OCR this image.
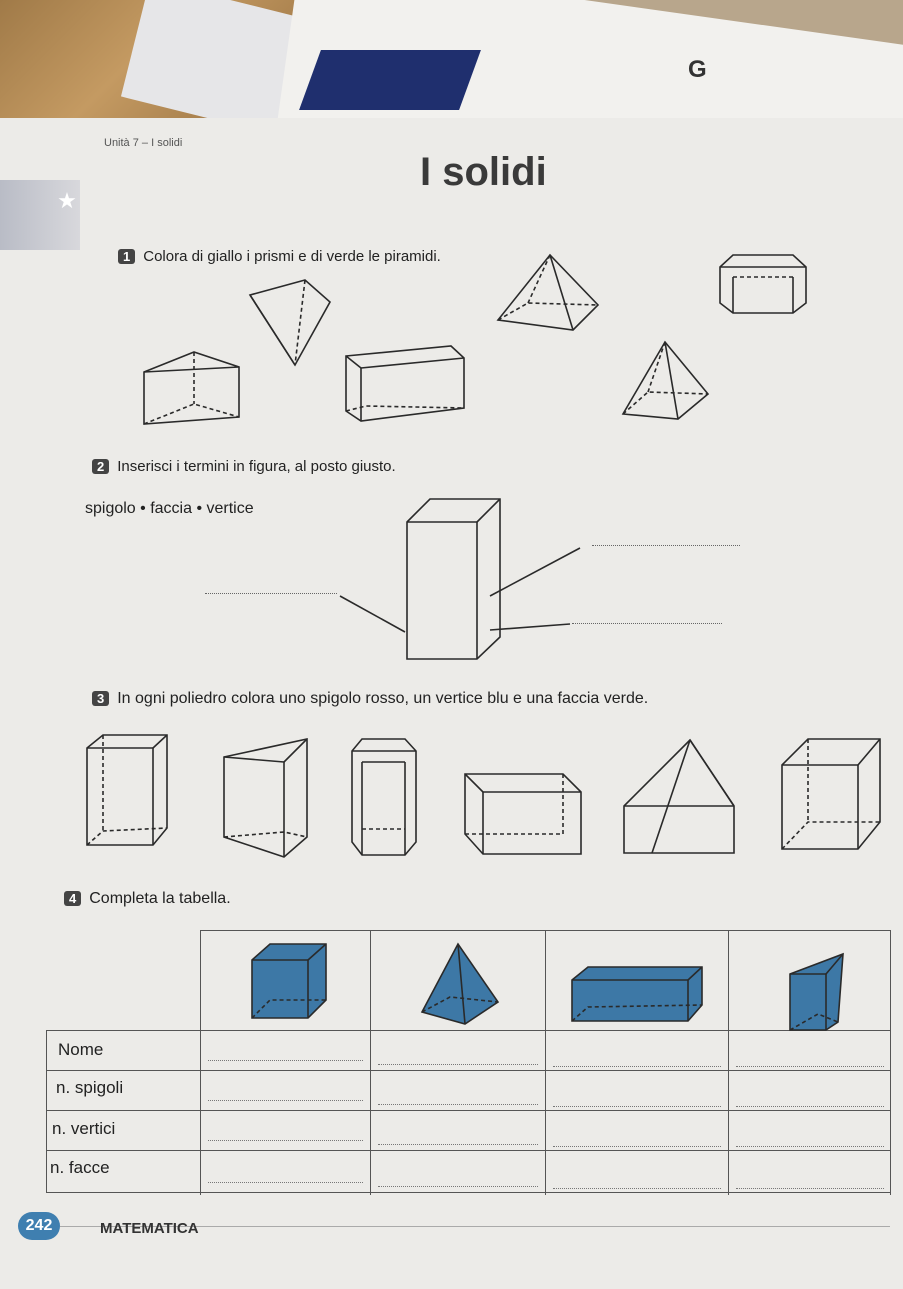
G
★
Unità 7 – I solidi
I solidi
1 Colora di giallo i prismi e di verde le piramidi.
2 Inserisci i termini in figura, al posto giusto.
spigolo • faccia • vertice
3 In ogni poliedro colora uno spigolo rosso, un vertice blu e una faccia verde.
4 Completa la tabella.
Nome
n. spigoli
n. vertici
n. facce
242	MATEMATICA
